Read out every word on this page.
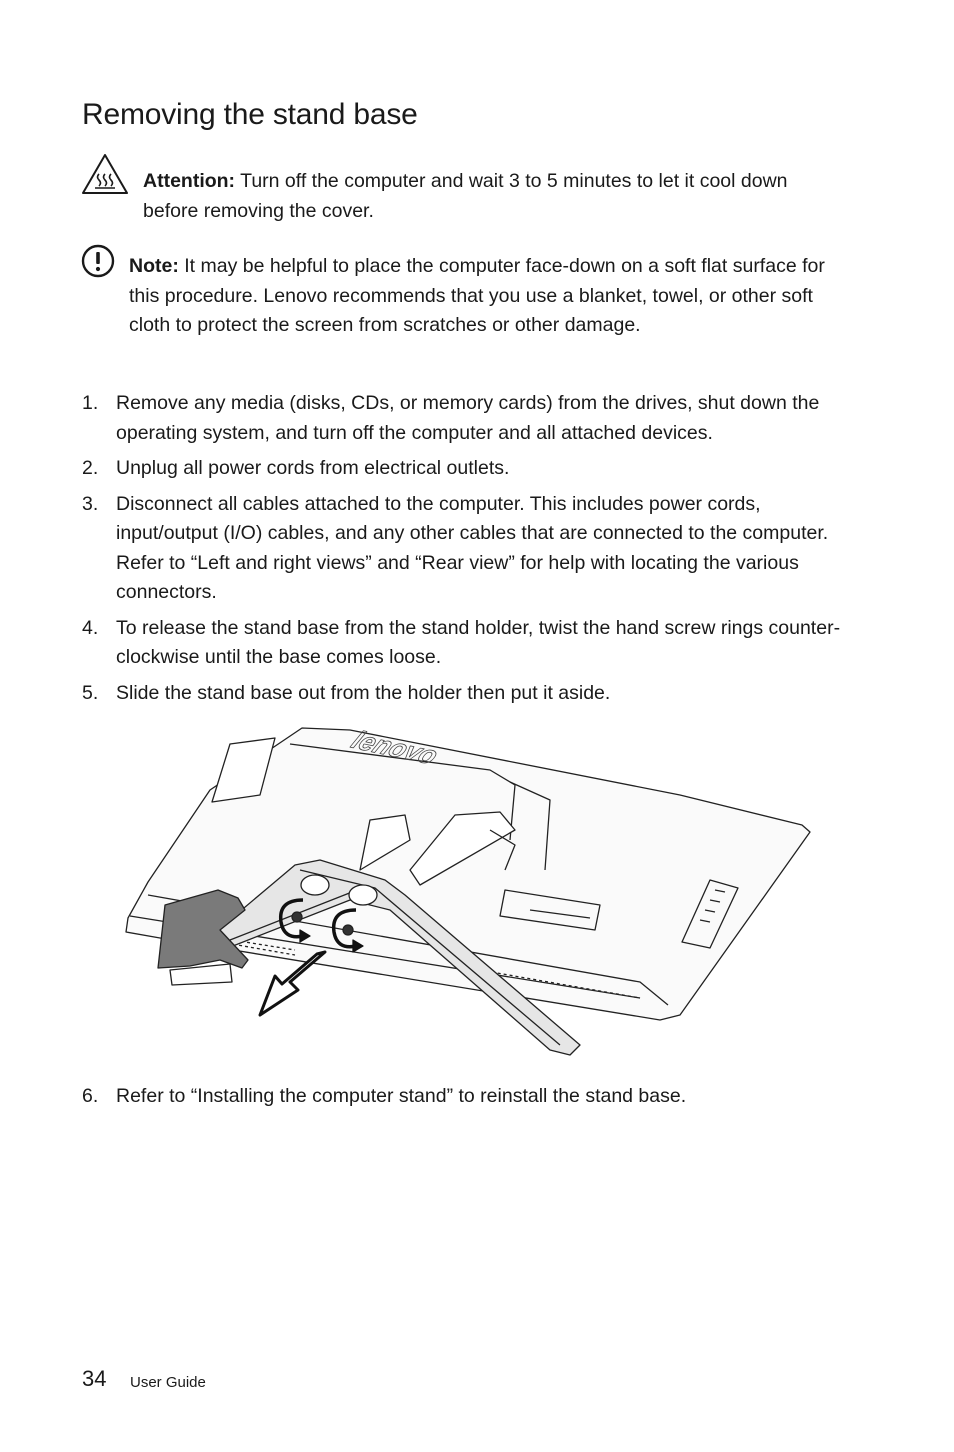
Removing the stand base
Attention: Turn off the computer and wait 3 to 5 minutes to let it cool down before removing the cover.
Note: It may be helpful to place the computer face-down on a soft flat surface for this procedure. Lenovo recommends that you use a blanket, towel, or other soft cloth to protect the screen from scratches or other damage.
1. Remove any media (disks, CDs, or memory cards) from the drives, shut down the operating system, and turn off the computer and all attached devices.
2. Unplug all power cords from electrical outlets.
3. Disconnect all cables attached to the computer. This includes power cords, input/output (I/O) cables, and any other cables that are connected to the computer. Refer to “Left and right views” and “Rear view” for help with locating the various connectors.
4. To release the stand base from the stand holder, twist the hand screw rings counter-clockwise until the base comes loose.
5. Slide the stand base out from the holder then put it aside.
lenovo
6. Refer to “Installing the computer stand” to reinstall the stand base.
34 User Guide
